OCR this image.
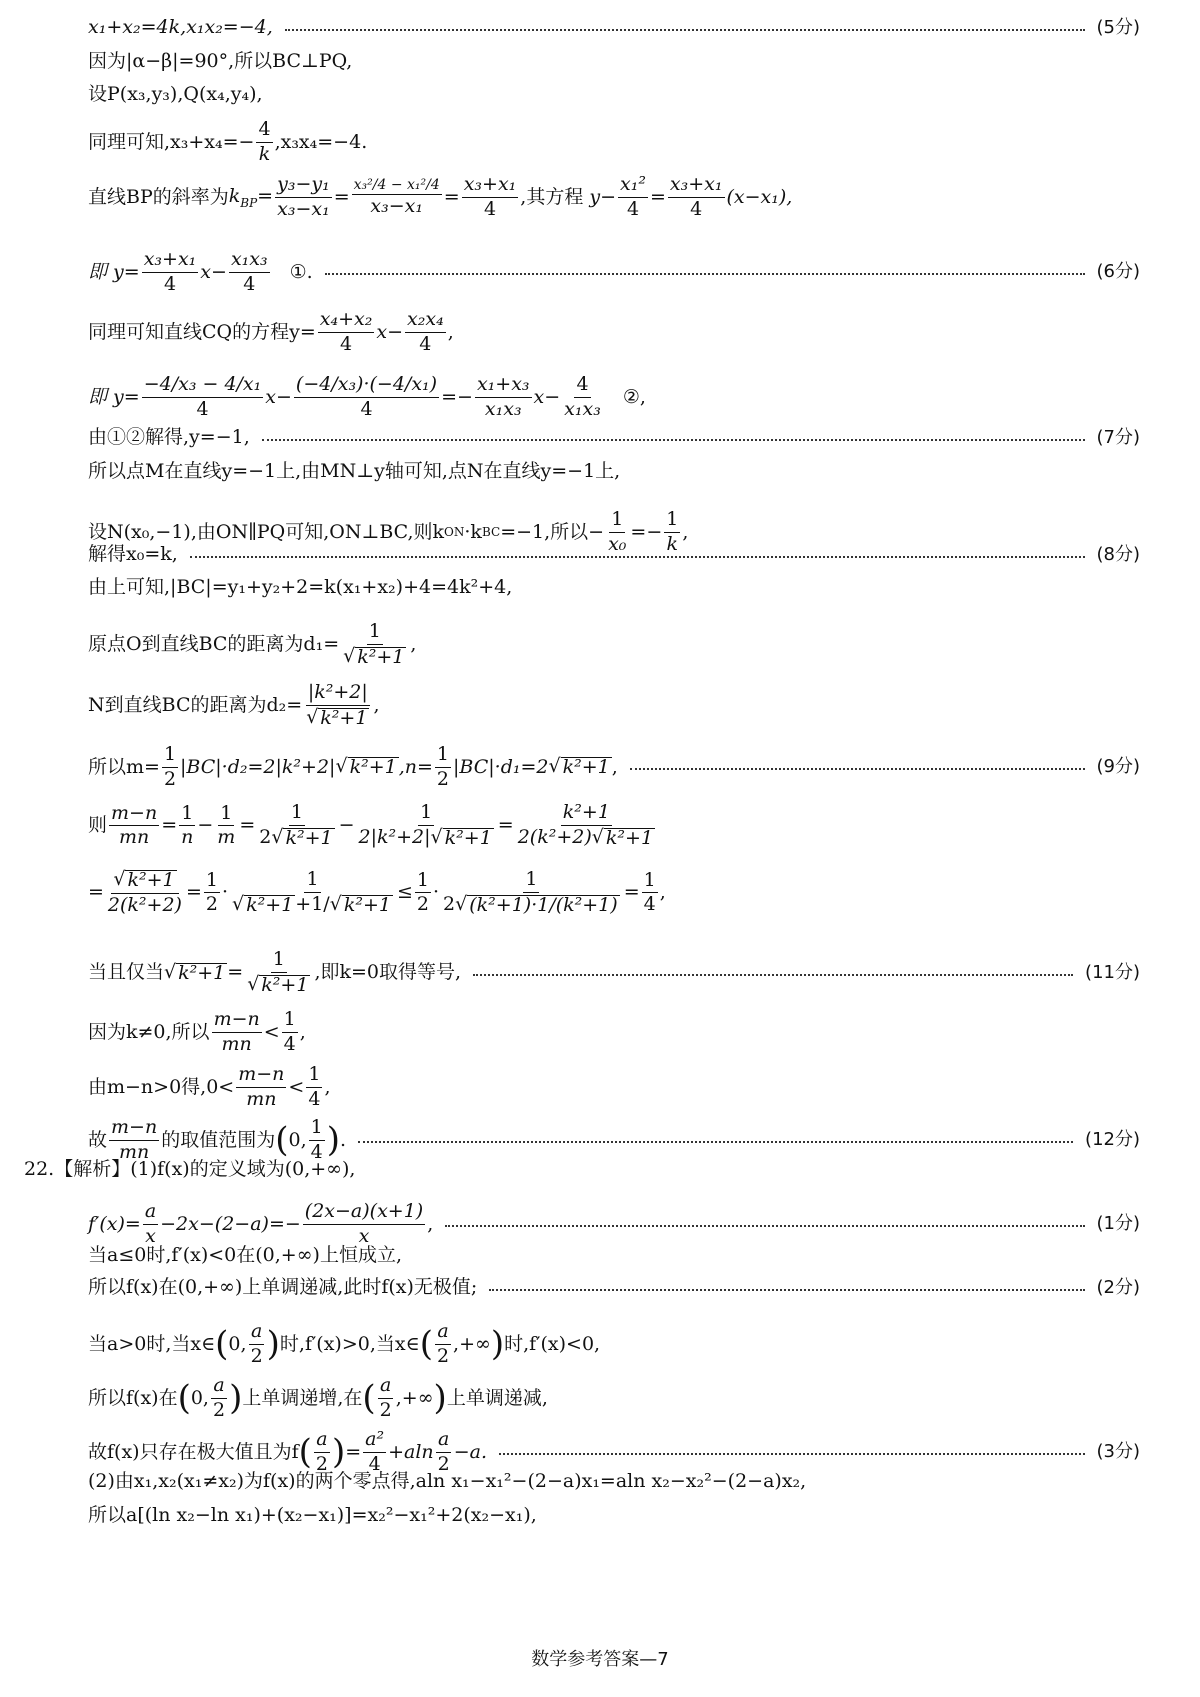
x₁+x₂=4k,x₁x₂=−4,	(5分)
因为|α−β|=90°,所以BC⊥PQ,
设P(x₃,y₃),Q(x₄,y₄),
同理可知$,x_3+x_4=- \frac{4}{k} ,x_3x_4=-4$.
直线BP的斜率为 $k_{BP}= \frac{\text{y₃−y₁}}{\text{x₃−x₁}} = \frac{\text{x₃²/4 − x₁²/4}}{\text{x₃−x₁}} = \frac{\text{x₃+x₁}}{4}$ ,其方程 $y- \frac{\text{x₁²}}{4} = \frac{\text{x₃+x₁}}{4} (x-x_1)$,
即 $y= \frac{\text{x₃+x₁}}{4} x- \frac{\text{x₁x₃}}{4}$ ①.	(6分)
同理可知直线CQ的方程$y= \frac{\text{x₄+x₂}}{4} x- \frac{\text{x₂x₄}}{4}$ ,
即 $y= \frac{\text{−4/x₃ − 4/x₁}}{4} x- \frac{\text{(−4/x₃)·(−4/x₁)}}{4} =- \frac{\text{x₁+x₃}}{\text{x₁x₃}} x- \frac{4}{\text{x₁x₃}}$ ②,
由①②解得,y=−1,	(7分)
所以点M在直线y=−1上,由MN⊥y轴可知,点N在直线y=−1上,
设N(x₀,−1),由ON∥PQ可知,ON⊥BC,则k ON ·k BC =−1,所以− $\frac{1}{\text{x₀}} =- \frac{1}{k}$ ,
解得x₀=k,	(8分)
由上可知,|BC|=y₁+y₂+2=k(x₁+x₂)+4=4k²+4,
原点O到直线BC的距离为$d_1= \frac{1}{\text{√ k²+1}}$ ,
N到直线BC的距离为$d_2= \frac{\text{|k²+2|}}{\text{√ k²+1}}$ ,
所以$m= \frac{1}{2} |BC|\cdot d_2=2|k^2+2|$ √ k²+1 $,n= \frac{1}{2} |BC|\cdot d_1=2$ √ k²+1 ,	(9分)
则 $\frac{m-n}{mn} = \frac{1}{n} - \frac{1}{m} = \frac{1}{\text{2√ k²+1}} - \frac{1}{\text{2|k²+2|√ k²+1}} = \frac{\text{k²+1}}{\text{2(k²+2)√ k²+1}}$
= $\frac{\text{√ k²+1}}{\text{2(k²+2)}} = \frac{1}{2} \cdot \frac{1}{\text{√ k²+1 +1/√ k²+1}} \le \frac{1}{2} \cdot \frac{1}{\text{2√ (k²+1)·1/(k²+1)}} = \frac{1}{4}$ ,
当且仅当 √ $k^2+1 = \frac{1}{\text{√ k²+1}}$ ,即k=0取得等号,	(11分)
因为k≠0,所以 $\frac{m-n}{mn} < \frac{1}{4}$ ,
由m−n>0得$,0< \frac{m-n}{mn} < \frac{1}{4}$ ,
故 $\frac{m-n}{mn}$ 的取值范围为 ( 0, $\frac{1}{4}$ ) .	(12分)
22.【解析】(1)f(x)的定义域为(0,+∞),
$f'(x)= \frac{a}{x} -2x-(2-a)=- \frac{(2x-a)(x+1)}{x}$ ,	(1分)
当a≤0时,f′(x)<0在(0,+∞)上恒成立,
所以f(x)在(0,+∞)上单调递减,此时f(x)无极值;	(2分)
当a>0时,当x∈ ( 0, $\frac{a}{2}$ ) 时,f′(x)>0,当x∈ ( $\frac{a}{2}$ ,+∞ ) 时,f′(x)<0,
所以f(x)在 ( 0, $\frac{a}{2}$ ) 上单调递增,在 ( $\frac{a}{2}$ ,+∞ ) 上单调递减,
故f(x)只存在极大值且为f ( $\frac{a}{2}$ ) = $\frac{\text{a²}}{4} +aln \frac{a}{2} -a$.	(3分)
(2)由x₁,x₂(x₁≠x₂)为f(x)的两个零点得,aln x₁−x₁²−(2−a)x₁=aln x₂−x₂²−(2−a)x₂,
所以a[(ln x₂−ln x₁)+(x₂−x₁)]=x₂²−x₁²+2(x₂−x₁),
数学参考答案—7
